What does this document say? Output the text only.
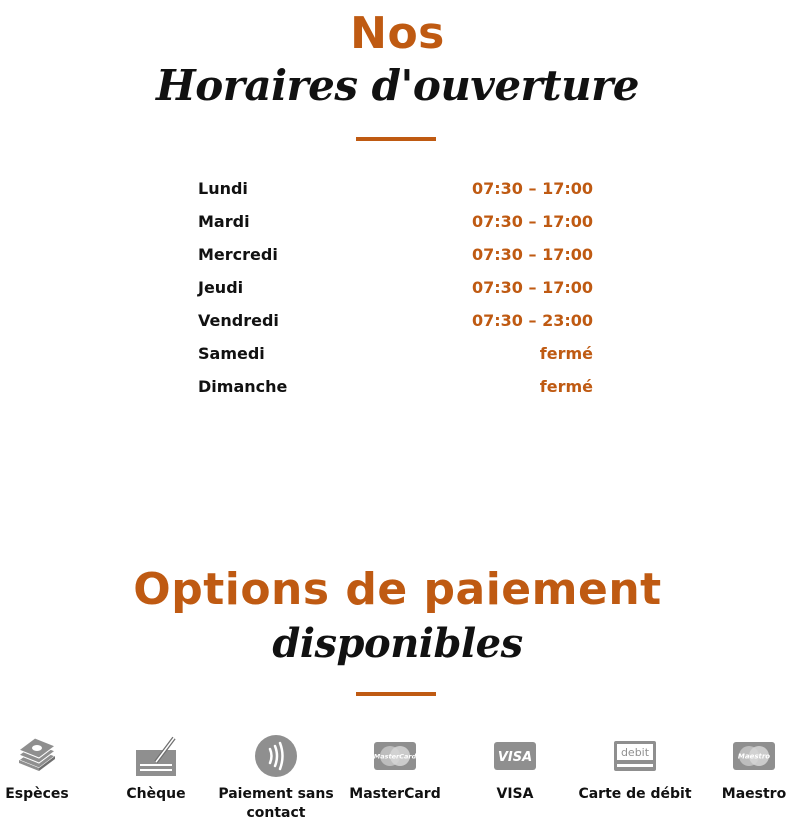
Nos
Horaires d'ouverture
Lundi	07:30 – 17:00
Mardi	07:30 – 17:00
Mercredi	07:30 – 17:00
Jeudi	07:30 – 17:00
Vendredi	07:30 – 23:00
Samedi	fermé
Dimanche	fermé
Options de paiement
disponibles
Espèces	Chèque	Paiement sans contact
MasterCard
MasterCard
VISA
VISA
debit
Carte de débit
Maestro
Maestro
